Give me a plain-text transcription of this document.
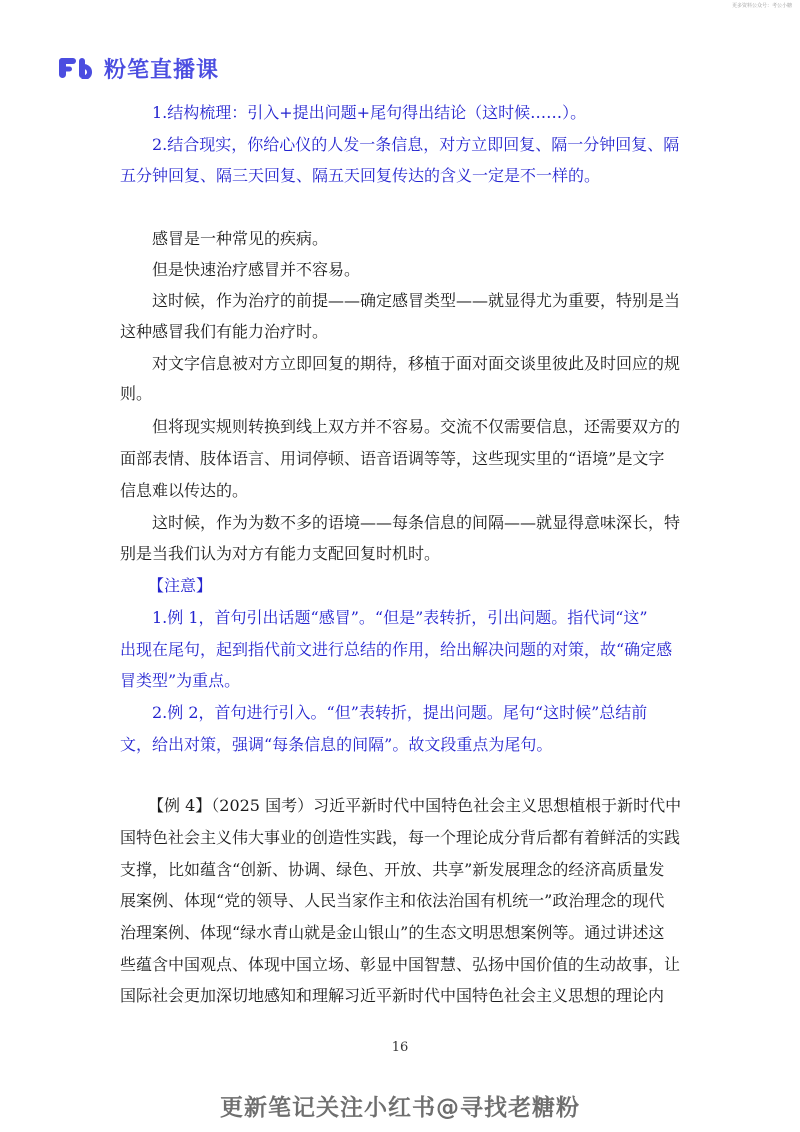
更多资料公众号：考公小糖
粉笔直播课
1.结构梳理：引入+提出问题+尾句得出结论（这时候……）。
2.结合现实，你给心仪的人发一条信息，对方立即回复、隔一分钟回复、隔
五分钟回复、隔三天回复、隔五天回复传达的含义一定是不一样的。
感冒是一种常见的疾病。
但是快速治疗感冒并不容易。
这时候，作为治疗的前提——确定感冒类型——就显得尤为重要，特别是当
这种感冒我们有能力治疗时。
对文字信息被对方立即回复的期待，移植于面对面交谈里彼此及时回应的规
则。
但将现实规则转换到线上双方并不容易。交流不仅需要信息，还需要双方的
面部表情、肢体语言、用词停顿、语音语调等等，这些现实里的“语境”是文字
信息难以传达的。
这时候，作为为数不多的语境——每条信息的间隔——就显得意味深长，特
别是当我们认为对方有能力支配回复时机时。
【注意】
1.例 1，首句引出话题“感冒”。“但是”表转折，引出问题。指代词“这”
出现在尾句，起到指代前文进行总结的作用，给出解决问题的对策，故“确定感
冒类型”为重点。
2.例 2，首句进行引入。“但”表转折，提出问题。尾句“这时候”总结前
文，给出对策，强调“每条信息的间隔”。故文段重点为尾句。
【例 4】（2025 国考）习近平新时代中国特色社会主义思想植根于新时代中
国特色社会主义伟大事业的创造性实践，每一个理论成分背后都有着鲜活的实践
支撑，比如蕴含“创新、协调、绿色、开放、共享”新发展理念的经济高质量发
展案例、体现“党的领导、人民当家作主和依法治国有机统一”政治理念的现代
治理案例、体现“绿水青山就是金山银山”的生态文明思想案例等。通过讲述这
些蕴含中国观点、体现中国立场、彰显中国智慧、弘扬中国价值的生动故事，让
国际社会更加深切地感知和理解习近平新时代中国特色社会主义思想的理论内
16
更新笔记关注小红书@寻找老糖粉
